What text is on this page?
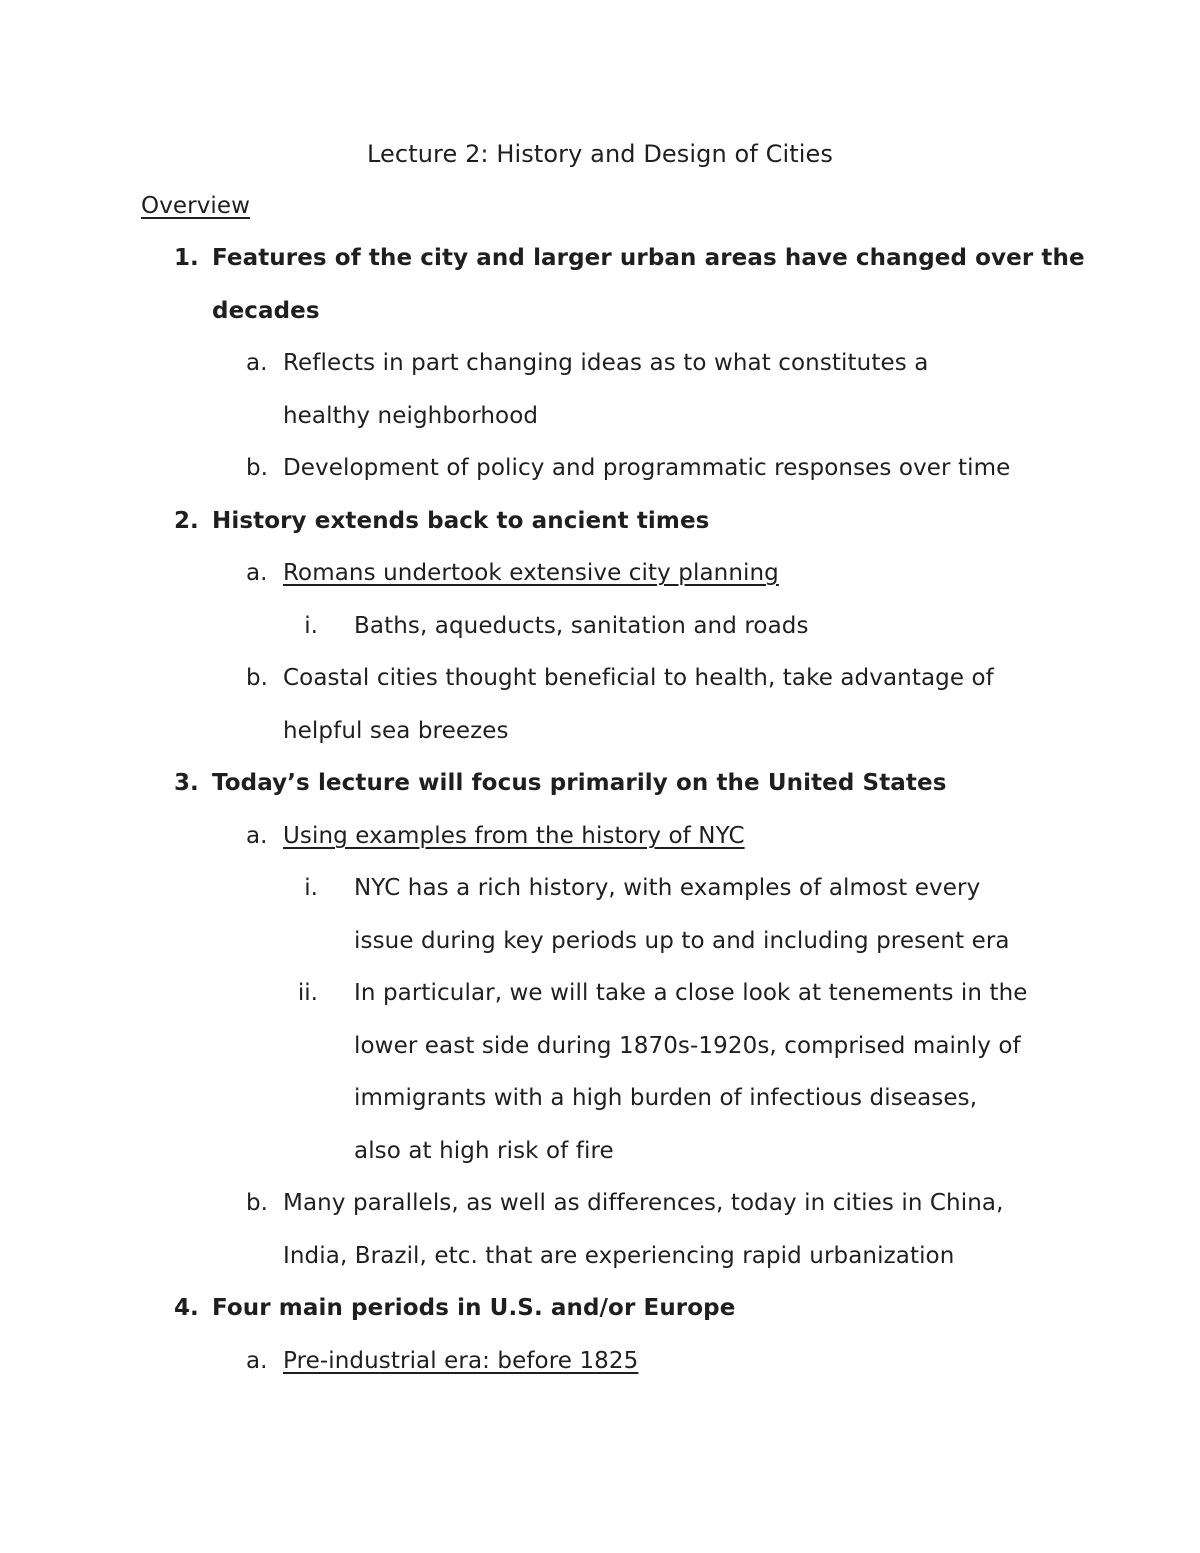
Lecture 2: History and Design of Cities
Overview
1. Features of the city and larger urban areas have changed over the
decades
a. Reflects in part changing ideas as to what constitutes a
healthy neighborhood
b. Development of policy and programmatic responses over time
2. History extends back to ancient times
a. Romans undertook extensive city planning
i. Baths, aqueducts, sanitation and roads
b. Coastal cities thought beneficial to health, take advantage of
helpful sea breezes
3. Today’s lecture will focus primarily on the United States
a. Using examples from the history of NYC
i. NYC has a rich history, with examples of almost every
issue during key periods up to and including present era
ii. In particular, we will take a close look at tenements in the
lower east side during 1870s-1920s, comprised mainly of
immigrants with a high burden of infectious diseases,
also at high risk of fire
b. Many parallels, as well as differences, today in cities in China,
India, Brazil, etc. that are experiencing rapid urbanization
4. Four main periods in U.S. and/or Europe
a. Pre-industrial era: before 1825
